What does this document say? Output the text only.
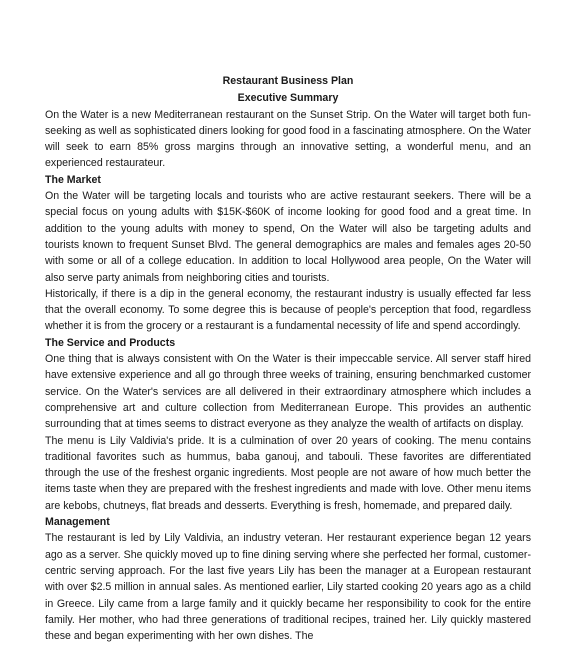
Restaurant Business Plan

Executive Summary

On the Water is a new Mediterranean restaurant on the Sunset Strip. On the Water will target both fun-seeking as well as sophisticated diners looking for good food in a fascinating atmosphere. On the Water will seek to earn 85% gross margins through an innovative setting, a wonderful menu, and an experienced restaurateur.

The Market

On the Water will be targeting locals and tourists who are active restaurant seekers. There will be a special focus on young adults with $15K-$60K of income looking for good food and a great time. In addition to the young adults with money to spend, On the Water will also be targeting adults and tourists known to frequent Sunset Blvd. The general demographics are males and females ages 20-50 with some or all of a college education. In addition to local Hollywood area people, On the Water will also serve party animals from neighboring cities and tourists.

Historically, if there is a dip in the general economy, the restaurant industry is usually effected far less that the overall economy. To some degree this is because of people's perception that food, regardless whether it is from the grocery or a restaurant is a fundamental necessity of life and spend accordingly.

The Service and Products

One thing that is always consistent with On the Water is their impeccable service. All server staff hired have extensive experience and all go through three weeks of training, ensuring benchmarked customer service. On the Water's services are all delivered in their extraordinary atmosphere which includes a comprehensive art and culture collection from Mediterranean Europe. This provides an authentic surrounding that at times seems to distract everyone as they analyze the wealth of artifacts on display.

The menu is Lily Valdivia's pride. It is a culmination of over 20 years of cooking. The menu contains traditional favorites such as hummus, baba ganouj, and tabouli. These favorites are differentiated through the use of the freshest organic ingredients. Most people are not aware of how much better the items taste when they are prepared with the freshest ingredients and made with love. Other menu items are kebobs, chutneys, flat breads and desserts. Everything is fresh, homemade, and prepared daily.

Management

The restaurant is led by Lily Valdivia, an industry veteran. Her restaurant experience began 12 years ago as a server. She quickly moved up to fine dining serving where she perfected her formal, customer-centric serving approach. For the last five years Lily has been the manager at a European restaurant with over $2.5 million in annual sales. As mentioned earlier, Lily started cooking 20 years ago as a child in Greece. Lily came from a large family and it quickly became her responsibility to cook for the entire family. Her mother, who had three generations of traditional recipes, trained her. Lily quickly mastered these and began experimenting with her own dishes. The
